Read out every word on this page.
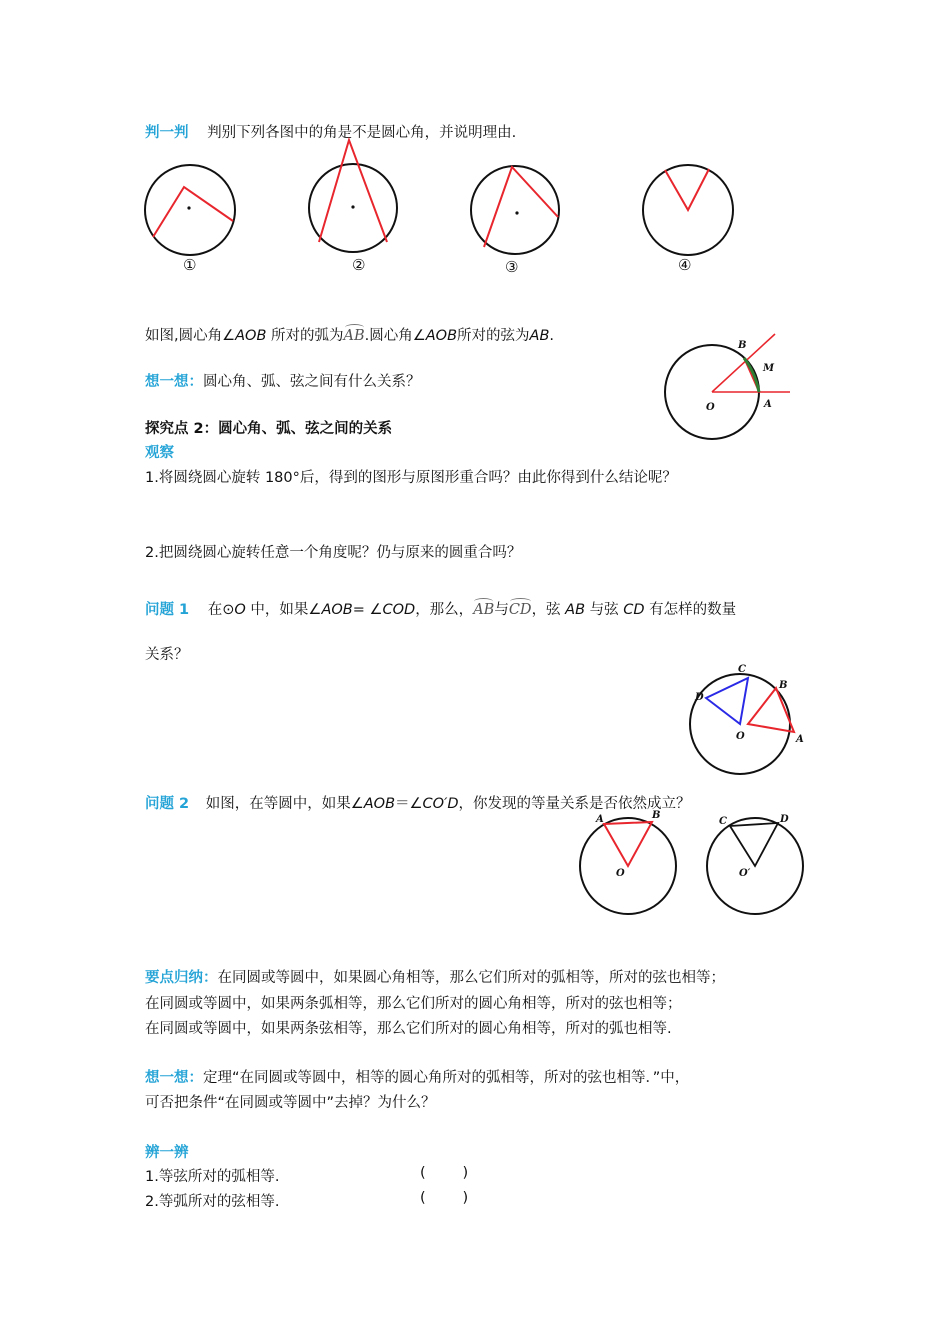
判一判 判别下列各图中的角是不是圆心角，并说明理由.
①	②	③	④
如图,圆心角∠AOB 所对的弧为AB.圆心角∠AOB所对的弦为AB.
B
M
O	A
想一想：圆心角、弧、弦之间有什么关系？
探究点 2：圆心角、弧、弦之间的关系
观察
1.将圆绕圆心旋转 180°后，得到的图形与原图形重合吗？由此你得到什么结论呢？
2.把圆绕圆心旋转任意一个角度呢？仍与原来的圆重合吗？
问题 1 在⊙O 中，如果∠AOB= ∠COD，那么，AB与CD，弦 AB 与弦 CD 有怎样的数量
关系？
C
B
D
O	A
问题 2 如图，在等圆中，如果∠AOB＝∠CO′D，你发现的等量关系是否依然成立？
A	B
O
C	D
O′
要点归纳：在同圆或等圆中，如果圆心角相等，那么它们所对的弧相等，所对的弦也相等；
在同圆或等圆中，如果两条弧相等，那么它们所对的圆心角相等，所对的弦也相等；
在同圆或等圆中，如果两条弦相等，那么它们所对的圆心角相等，所对的弧也相等.
想一想：定理“在同圆或等圆中，相等的圆心角所对的弧相等，所对的弦也相等．”中，
可否把条件“在同圆或等圆中”去掉？为什么？
辨一辨
1.等弦所对的弧相等.	(        )
2.等弧所对的弦相等.	(        )
